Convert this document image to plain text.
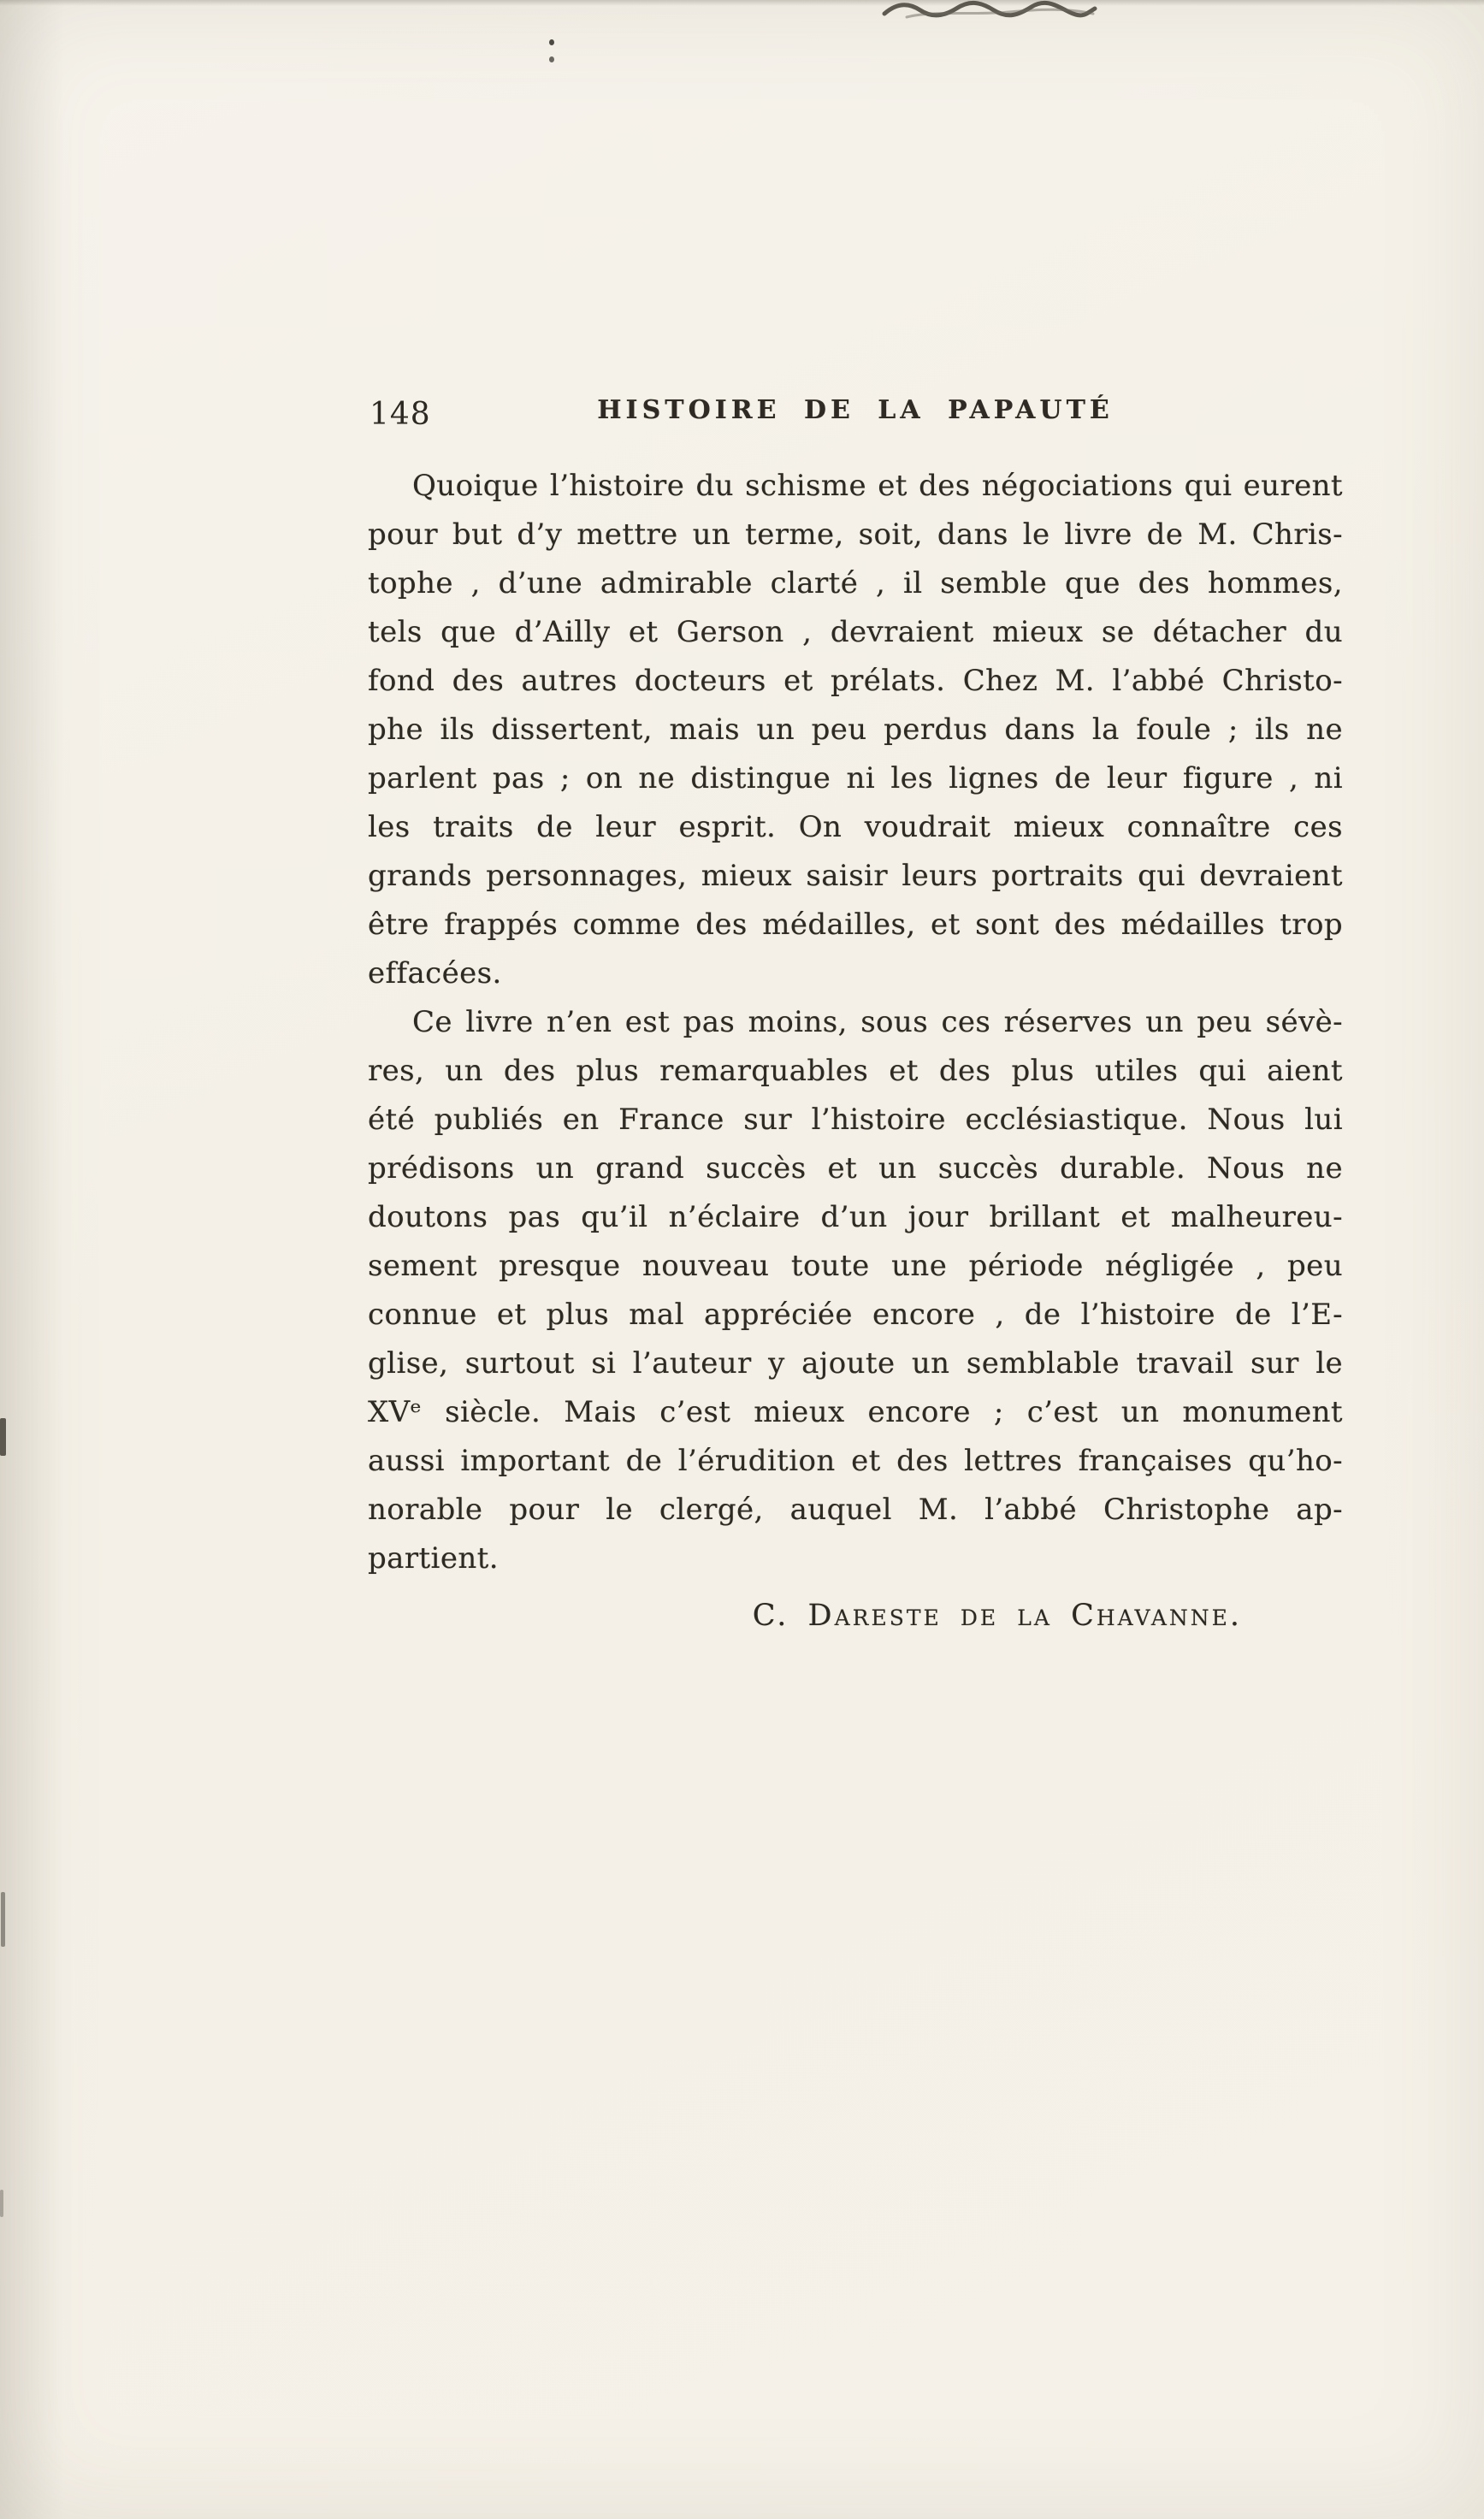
148	HISTOIRE DE LA PAPAUTÉ
Quoique l’histoire du schisme et des négociations qui eurent
pour but d’y mettre un terme, soit, dans le livre de M. Chris-
tophe , d’une admirable clarté , il semble que des hommes,
tels que d’Ailly et Gerson , devraient mieux se détacher du
fond des autres docteurs et prélats. Chez M. l’abbé Christo-
phe ils dissertent, mais un peu perdus dans la foule ; ils ne
parlent pas ; on ne distingue ni les lignes de leur figure , ni
les traits de leur esprit. On voudrait mieux connaître ces
grands personnages, mieux saisir leurs portraits qui devraient
être frappés comme des médailles, et sont des médailles trop
effacées.
Ce livre n’en est pas moins, sous ces réserves un peu sévè-
res, un des plus remarquables et des plus utiles qui aient
été publiés en France sur l’histoire ecclésiastique. Nous lui
prédisons un grand succès et un succès durable. Nous ne
doutons pas qu’il n’éclaire d’un jour brillant et malheureu-
sement presque nouveau toute une période négligée , peu
connue et plus mal appréciée encore , de l’histoire de l’E-
glise, surtout si l’auteur y ajoute un semblable travail sur le
XVᵉ siècle. Mais c’est mieux encore ; c’est un monument
aussi important de l’érudition et des lettres françaises qu’ho-
norable pour le clergé, auquel M. l’abbé Christophe ap-
partient.
C. Dareste de la Chavanne.
